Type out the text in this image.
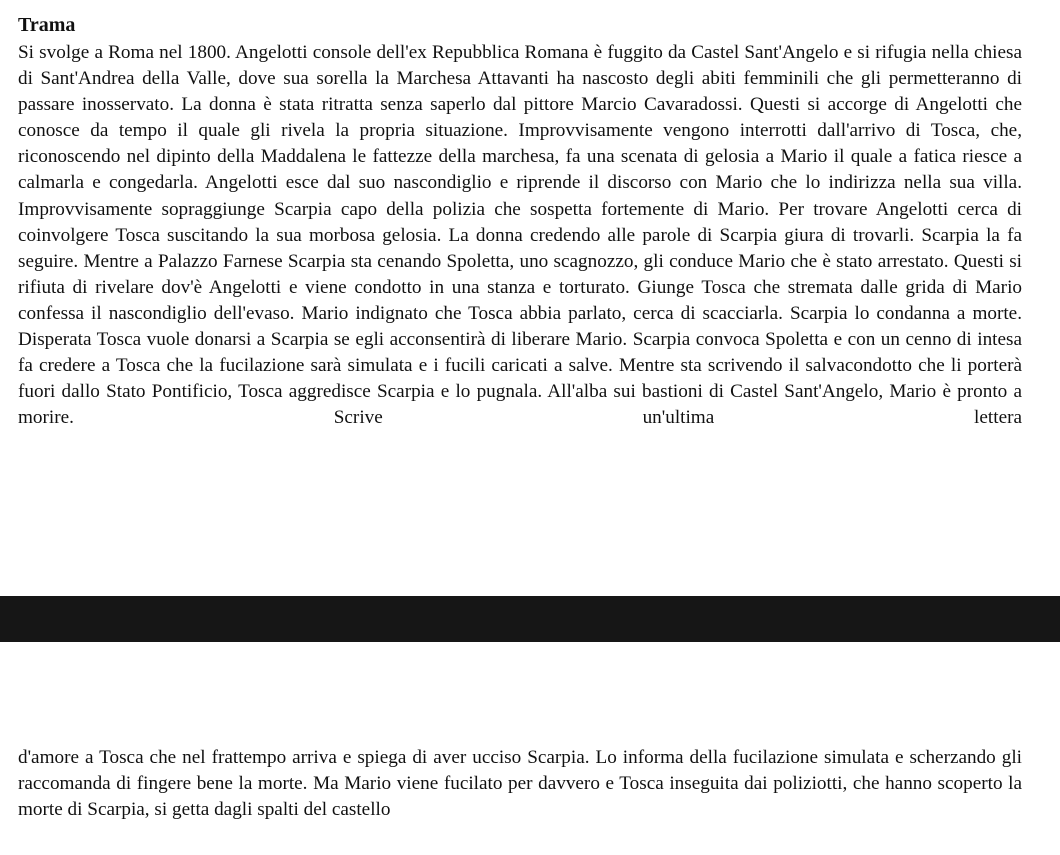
Trama

Si svolge a Roma nel 1800. Angelotti console dell'ex Repubblica Romana è fuggito da Castel Sant'Angelo e si rifugia nella chiesa di Sant'Andrea della Valle, dove sua sorella la Marchesa Attavanti ha nascosto degli abiti femminili che gli permetteranno di passare inosservato. La donna è stata ritratta senza saperlo dal pittore Marcio Cavaradossi. Questi si accorge di Angelotti che conosce da tempo il quale gli rivela la propria situazione. Improvvisamente vengono interrotti dall'arrivo di Tosca, che, riconoscendo nel dipinto della Maddalena le fattezze della marchesa, fa una scenata di gelosia a Mario il quale a fatica riesce a calmarla e congedarla. Angelotti esce dal suo nascondiglio e riprende il discorso con Mario che lo indirizza nella sua villa. Improvvisamente sopraggiunge Scarpia capo della polizia che sospetta fortemente di Mario. Per trovare Angelotti cerca di coinvolgere Tosca suscitando la sua morbosa gelosia. La donna credendo alle parole di Scarpia giura di trovarli. Scarpia la fa seguire. Mentre a Palazzo Farnese Scarpia sta cenando Spoletta, uno scagnozzo, gli conduce Mario che è stato arrestato. Questi si rifiuta di rivelare dov'è Angelotti e viene condotto in una stanza e torturato. Giunge Tosca che stremata dalle grida di Mario confessa il nascondiglio dell'evaso. Mario indignato che Tosca abbia parlato, cerca di scacciarla. Scarpia lo condanna a morte. Disperata Tosca vuole donarsi a Scarpia se egli acconsentirà di liberare Mario. Scarpia convoca Spoletta e con un cenno di intesa fa credere a Tosca che la fucilazione sarà simulata e i fucili caricati a salve. Mentre sta scrivendo il salvacondotto che li porterà fuori dallo Stato Pontificio, Tosca aggredisce Scarpia e lo pugnala. All'alba sui bastioni di Castel Sant'Angelo, Mario è pronto a morire. Scrive un'ultima lettera

d'amore a Tosca che nel frattempo arriva e spiega di aver ucciso Scarpia. Lo informa della fucilazione simulata e scherzando gli raccomanda di fingere bene la morte. Ma Mario viene fucilato per davvero e Tosca inseguita dai poliziotti, che hanno scoperto la morte di Scarpia, si getta dagli spalti del castello
